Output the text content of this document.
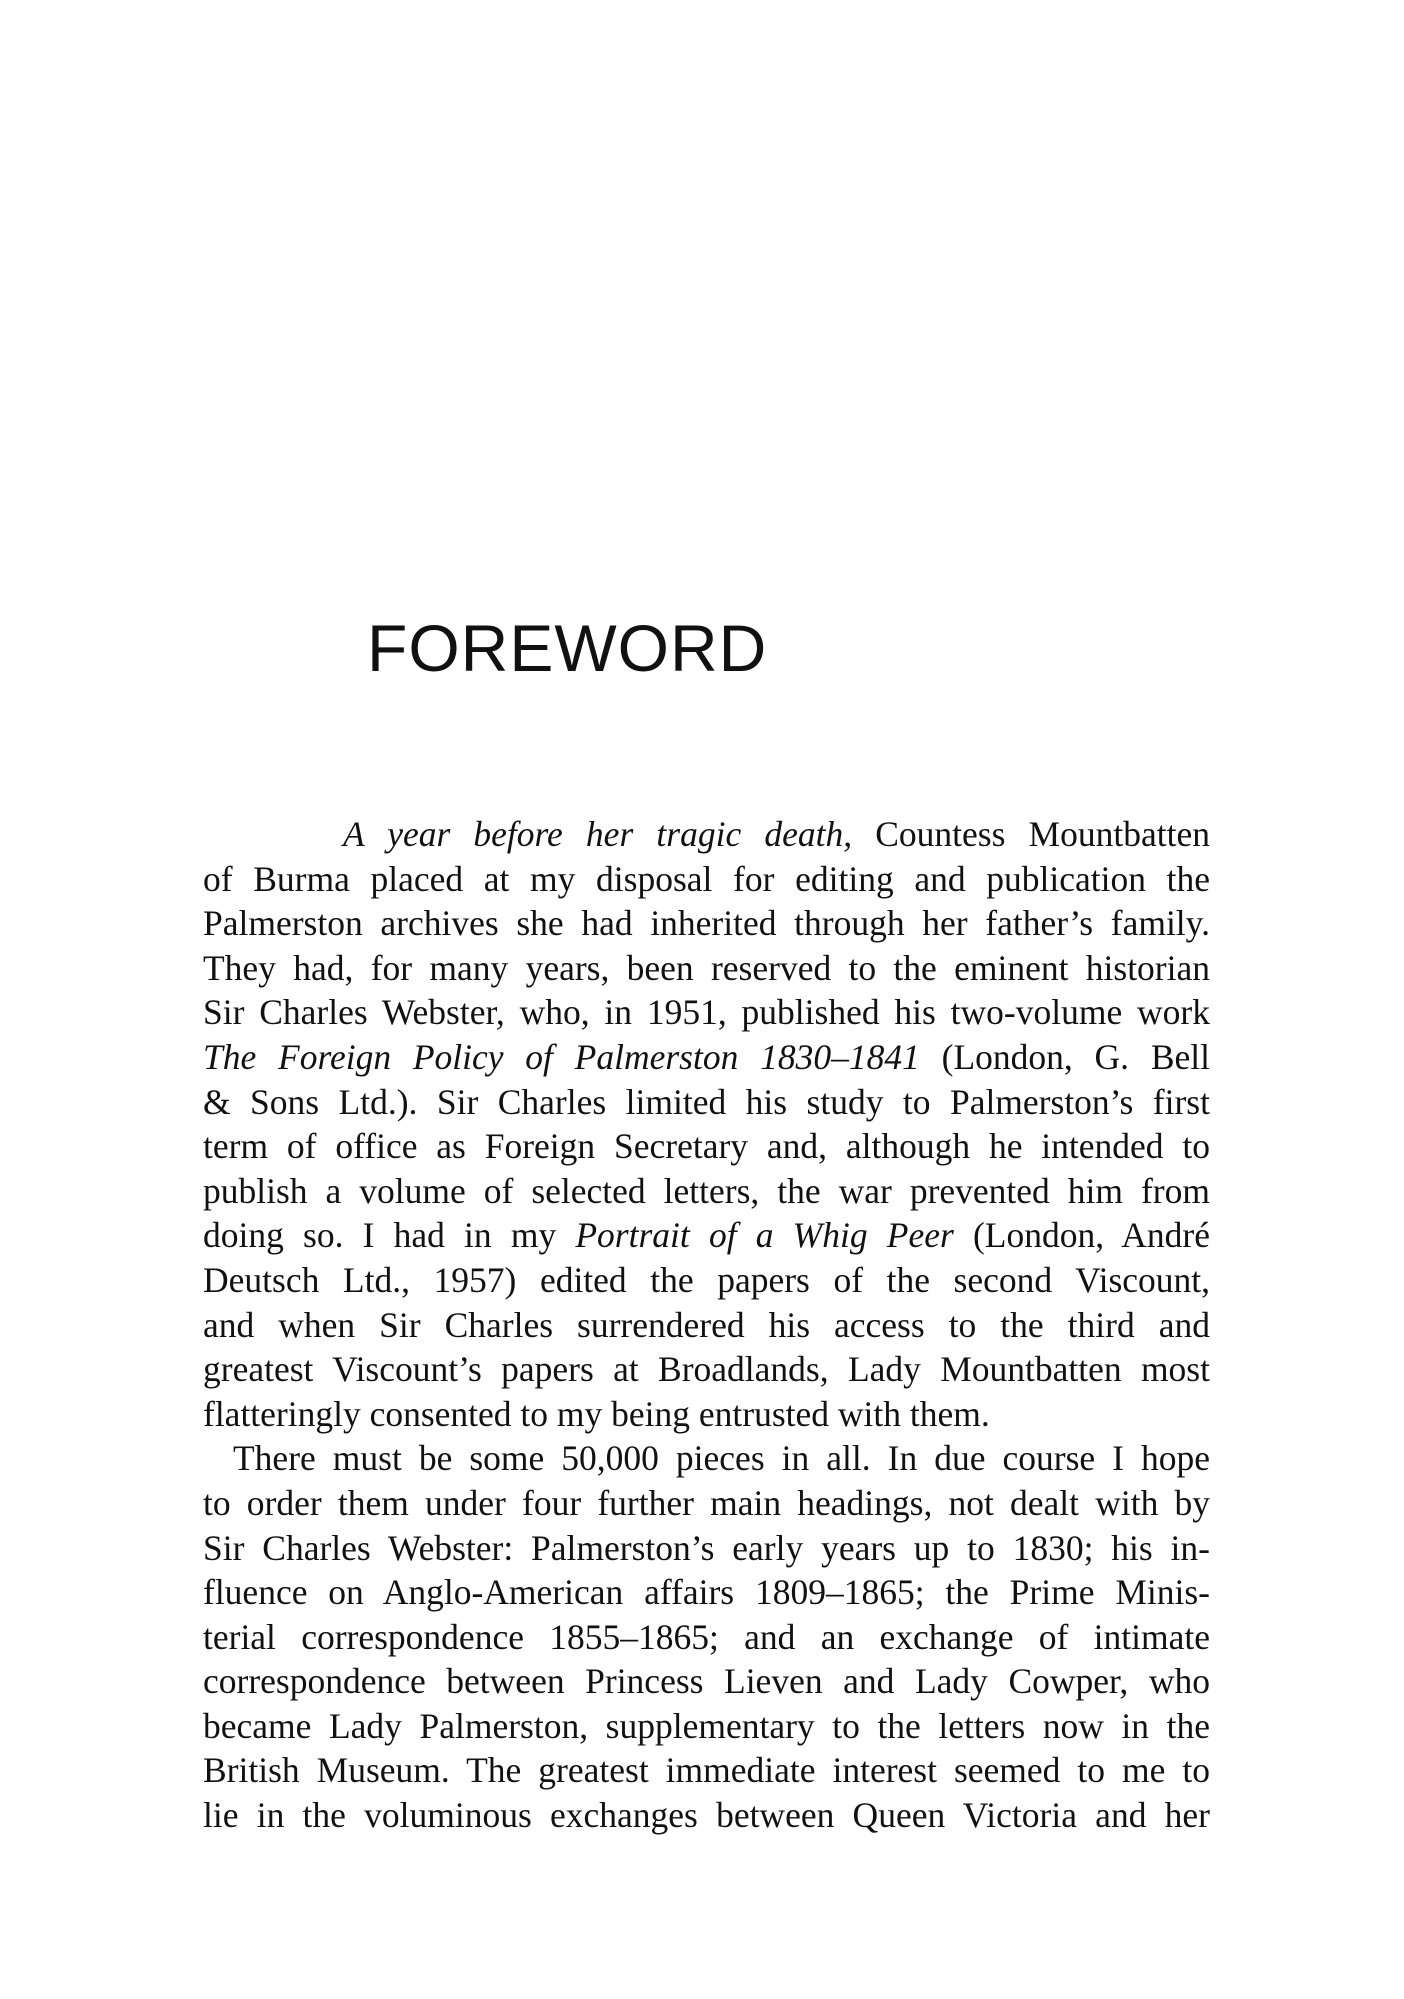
FOREWORD
A year before her tragic death, Countess Mountbatten
of Burma placed at my disposal for editing and publication the
Palmerston archives she had inherited through her father’s family.
They had, for many years, been reserved to the eminent historian
Sir Charles Webster, who, in 1951, published his two-volume work
The Foreign Policy of Palmerston 1830–1841 (London, G. Bell
& Sons Ltd.). Sir Charles limited his study to Palmerston’s first
term of office as Foreign Secretary and, although he intended to
publish a volume of selected letters, the war prevented him from
doing so. I had in my Portrait of a Whig Peer (London, André
Deutsch Ltd., 1957) edited the papers of the second Viscount,
and when Sir Charles surrendered his access to the third and
greatest Viscount’s papers at Broadlands, Lady Mountbatten most
flatteringly consented to my being entrusted with them.
There must be some 50,000 pieces in all. In due course I hope
to order them under four further main headings, not dealt with by
Sir Charles Webster: Palmerston’s early years up to 1830; his in-
fluence on Anglo-American affairs 1809–1865; the Prime Minis-
terial correspondence 1855–1865; and an exchange of intimate
correspondence between Princess Lieven and Lady Cowper, who
became Lady Palmerston, supplementary to the letters now in the
British Museum. The greatest immediate interest seemed to me to
lie in the voluminous exchanges between Queen Victoria and her
